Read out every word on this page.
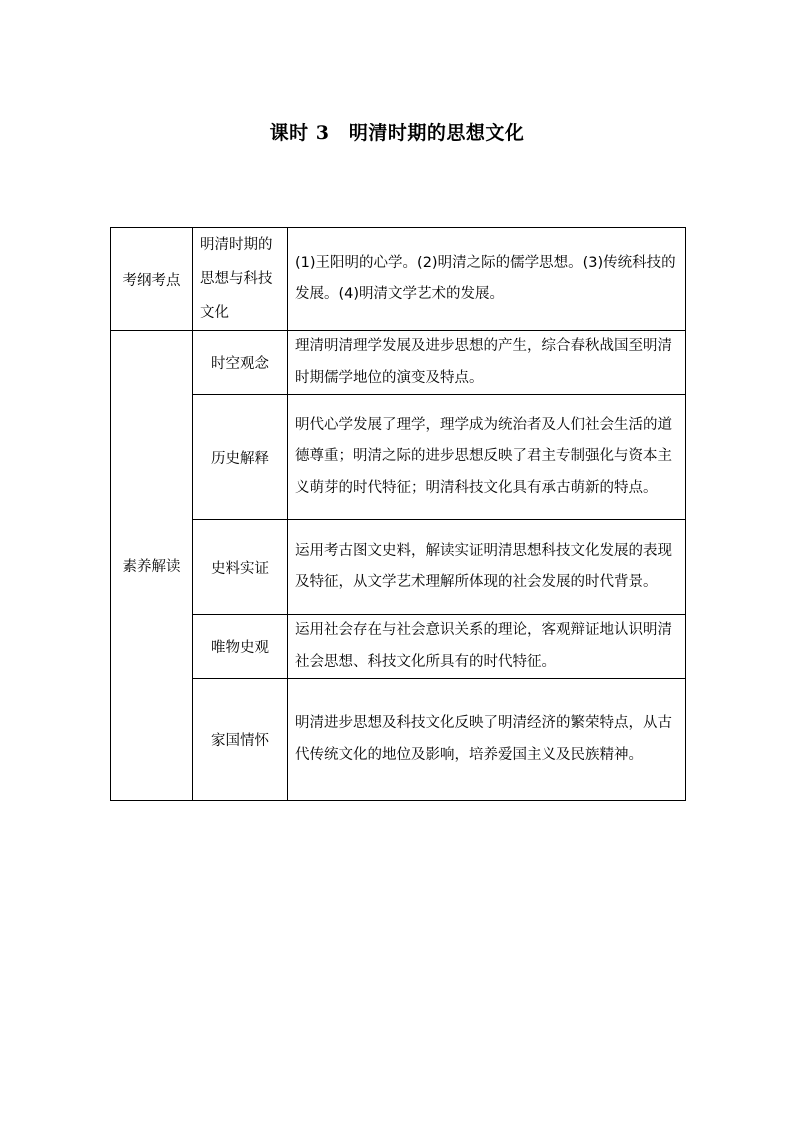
课时 3　明清时期的思想文化
考纲考点	明清时期的思想与科技文化	(1)王阳明的心学。(2)明清之际的儒学思想。(3)传统科技的发展。(4)明清文学艺术的发展。
素养解读	时空观念	理清明清理学发展及进步思想的产生，综合春秋战国至明清时期儒学地位的演变及特点。
	历史解释	明代心学发展了理学，理学成为统治者及人们社会生活的道德尊重；明清之际的进步思想反映了君主专制强化与资本主义萌芽的时代特征；明清科技文化具有承古萌新的特点。
	史料实证	运用考古图文史料，解读实证明清思想科技文化发展的表现及特征，从文学艺术理解所体现的社会发展的时代背景。
	唯物史观	运用社会存在与社会意识关系的理论，客观辩证地认识明清社会思想、科技文化所具有的时代特征。
	家国情怀	明清进步思想及科技文化反映了明清经济的繁荣特点，从古代传统文化的地位及影响，培养爱国主义及民族精神。
